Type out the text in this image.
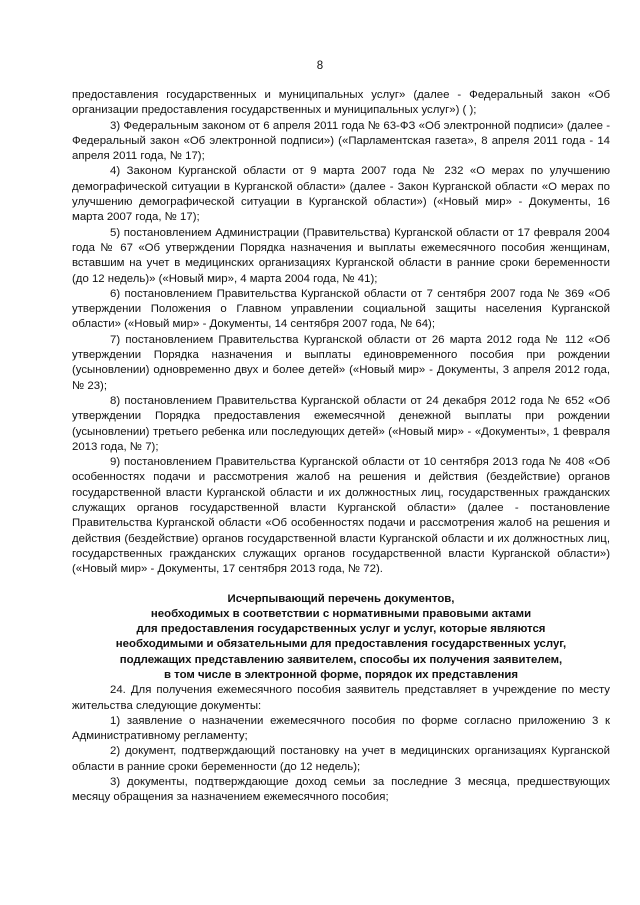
8

предоставления государственных и муниципальных услуг» (далее - Федеральный закон «Об организации предоставления государственных и муниципальных услуг») ( );

3) Федеральным законом от 6 апреля 2011 года № 63-ФЗ «Об электронной подписи» (далее - Федеральный закон «Об электронной подписи») («Парламентская газета», 8 апреля 2011 года - 14 апреля 2011 года, № 17);

4) Законом Курганской области от 9 марта 2007 года № 232 «О мерах по улучшению демографической ситуации в Курганской области» (далее - Закон Курганской области «О мерах по улучшению демографической ситуации в Курганской области») («Новый мир» - Документы, 16 марта 2007 года, № 17);

5) постановлением Администрации (Правительства) Курганской области от 17 февраля 2004 года № 67 «Об утверждении Порядка назначения и выплаты ежемесячного пособия женщинам, вставшим на учет в медицинских организациях Курганской области в ранние сроки беременности (до 12 недель)» («Новый мир», 4 марта 2004 года, № 41);

6) постановлением Правительства Курганской области от 7 сентября 2007 года № 369 «Об утверждении Положения о Главном управлении социальной защиты населения Курганской области» («Новый мир» - Документы, 14 сентября 2007 года, № 64);

7) постановлением Правительства Курганской области от 26 марта 2012 года № 112 «Об утверждении Порядка назначения и выплаты единовременного пособия при рождении (усыновлении) одновременно двух и более детей» («Новый мир» - Документы, 3 апреля 2012 года, № 23);

8) постановлением Правительства Курганской области от 24 декабря 2012 года № 652 «Об утверждении Порядка предоставления ежемесячной денежной выплаты при рождении (усыновлении) третьего ребенка или последующих детей» («Новый мир» - «Документы», 1 февраля 2013 года, № 7);

9) постановлением Правительства Курганской области от 10 сентября 2013 года № 408 «Об особенностях подачи и рассмотрения жалоб на решения и действия (бездействие) органов государственной власти Курганской области и их должностных лиц, государственных гражданских служащих органов государственной власти Курганской области» (далее - постановление Правительства Курганской области «Об особенностях подачи и рассмотрения жалоб на решения и действия (бездействие) органов государственной власти Курганской области и их должностных лиц, государственных гражданских служащих органов государственной власти Курганской области») («Новый мир» - Документы, 17 сентября 2013 года, № 72).

Исчерпывающий перечень документов,
необходимых в соответствии с нормативными правовыми актами
для предоставления государственных услуг и услуг, которые являются
необходимыми и обязательными для предоставления государственных услуг,
подлежащих представлению заявителем, способы их получения заявителем,
в том числе в электронной форме, порядок их представления

24. Для получения ежемесячного пособия заявитель представляет в учреждение по месту жительства следующие документы:

1) заявление о назначении ежемесячного пособия по форме согласно приложению 3 к Административному регламенту;

2) документ, подтверждающий постановку на учет в медицинских организациях Курганской области в ранние сроки беременности (до 12 недель);

3) документы, подтверждающие доход семьи за последние 3 месяца, предшествующих месяцу обращения за назначением ежемесячного пособия;
